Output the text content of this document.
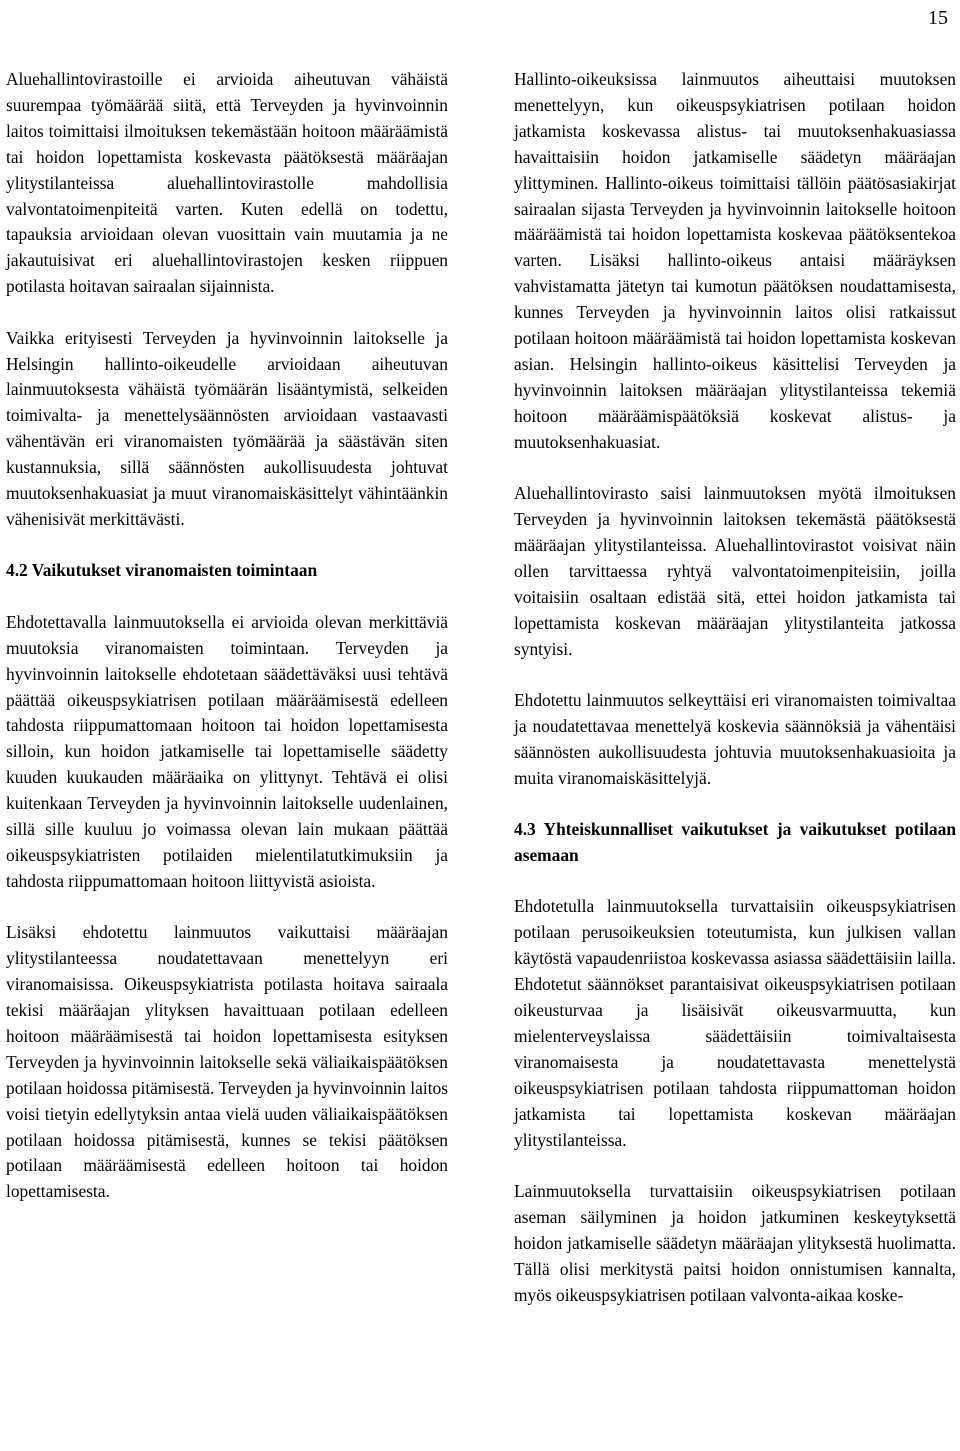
15

Aluehallintovirastoille ei arvioida aiheutuvan vähäistä suurempaa työmäärää siitä, että Terveyden ja hyvinvoinnin laitos toimittaisi ilmoituksen tekemästään hoitoon määräämistä tai hoidon lopettamista koskevasta päätöksestä määräajan ylitystilanteissa aluehallintovirastolle mahdollisia valvontatoimenpiteitä varten. Kuten edellä on todettu, tapauksia arvioidaan olevan vuosittain vain muutamia ja ne jakautuisivat eri aluehallintovirastojen kesken riippuen potilasta hoitavan sairaalan sijainnista.

Vaikka erityisesti Terveyden ja hyvinvoinnin laitokselle ja Helsingin hallinto-oikeudelle arvioidaan aiheutuvan lainmuutoksesta vähäistä työmäärän lisääntymistä, selkeiden toimivalta- ja menettelysäännösten arvioidaan vastaavasti vähentävän eri viranomaisten työmäärää ja säästävän siten kustannuksia, sillä säännösten aukollisuudesta johtuvat muutoksenhakuasiat ja muut viranomaiskäsittelyt vähintäänkin vähenisivät merkittävästi.

4.2 Vaikutukset viranomaisten toimintaan

Ehdotettavalla lainmuutoksella ei arvioida olevan merkittäviä muutoksia viranomaisten toimintaan. Terveyden ja hyvinvoinnin laitokselle ehdotetaan säädettäväksi uusi tehtävä päättää oikeuspsykiatrisen potilaan määräämisestä edelleen tahdosta riippumattomaan hoitoon tai hoidon lopettamisesta silloin, kun hoidon jatkamiselle tai lopettamiselle säädetty kuuden kuukauden määräaika on ylittynyt. Tehtävä ei olisi kuitenkaan Terveyden ja hyvinvoinnin laitokselle uudenlainen, sillä sille kuuluu jo voimassa olevan lain mukaan päättää oikeuspsykiatristen potilaiden mielentilatutkimuksiin ja tahdosta riippumattomaan hoitoon liittyvistä asioista.

Lisäksi ehdotettu lainmuutos vaikuttaisi määräajan ylitystilanteessa noudatettavaan menettelyyn eri viranomaisissa. Oikeuspsykiatrista potilasta hoitava sairaala tekisi määräajan ylityksen havaittuaan potilaan edelleen hoitoon määräämisestä tai hoidon lopettamisesta esityksen Terveyden ja hyvinvoinnin laitokselle sekä väliaikaispäätöksen potilaan hoidossa pitämisestä. Terveyden ja hyvinvoinnin laitos voisi tietyin edellytyksin antaa vielä uuden väliaikaispäätöksen potilaan hoidossa pitämisestä, kunnes se tekisi päätöksen potilaan määräämisestä edelleen hoitoon tai hoidon lopettamisesta.

Hallinto-oikeuksissa lainmuutos aiheuttaisi muutoksen menettelyyn, kun oikeuspsykiatrisen potilaan hoidon jatkamista koskevassa alistus- tai muutoksenhakuasiassa havaittaisiin hoidon jatkamiselle säädetyn määräajan ylittyminen. Hallinto-oikeus toimittaisi tällöin päätösasiakirjat sairaalan sijasta Terveyden ja hyvinvoinnin laitokselle hoitoon määräämistä tai hoidon lopettamista koskevaa päätöksentekoa varten. Lisäksi hallinto-oikeus antaisi määräyksen vahvistamatta jätetyn tai kumotun päätöksen noudattamisesta, kunnes Terveyden ja hyvinvoinnin laitos olisi ratkaissut potilaan hoitoon määräämistä tai hoidon lopettamista koskevan asian. Helsingin hallinto-oikeus käsittelisi Terveyden ja hyvinvoinnin laitoksen määräajan ylitystilanteissa tekemiä hoitoon määräämispäätöksiä koskevat alistus- ja muutoksenhakuasiat.

Aluehallintovirasto saisi lainmuutoksen myötä ilmoituksen Terveyden ja hyvinvoinnin laitoksen tekemästä päätöksestä määräajan ylitystilanteissa. Aluehallintovirastot voisivat näin ollen tarvittaessa ryhtyä valvontatoimenpiteisiin, joilla voitaisiin osaltaan edistää sitä, ettei hoidon jatkamista tai lopettamista koskevan määräajan ylitystilanteita jatkossa syntyisi.

Ehdotettu lainmuutos selkeyttäisi eri viranomaisten toimivaltaa ja noudatettavaa menettelyä koskevia säännöksiä ja vähentäisi säännösten aukollisuudesta johtuvia muutoksenhakuasioita ja muita viranomaiskäsittelyjä.

4.3 Yhteiskunnalliset vaikutukset ja vaikutukset potilaan asemaan

Ehdotetulla lainmuutoksella turvattaisiin oikeuspsykiatrisen potilaan perusoikeuksien toteutumista, kun julkisen vallan käytöstä vapaudenriistoa koskevassa asiassa säädettäisiin lailla. Ehdotetut säännökset parantaisivat oikeuspsykiatrisen potilaan oikeusturvaa ja lisäisivät oikeusvarmuutta, kun mielenterveyslaissa säädettäisiin toimivaltaisesta viranomaisesta ja noudatettavasta menettelystä oikeuspsykiatrisen potilaan tahdosta riippumattoman hoidon jatkamista tai lopettamista koskevan määräajan ylitystilanteissa.

Lainmuutoksella turvattaisiin oikeuspsykiatrisen potilaan aseman säilyminen ja hoidon jatkuminen keskeytyksettä hoidon jatkamiselle säädetyn määräajan ylityksestä huolimatta. Tällä olisi merkitystä paitsi hoidon onnistumisen kannalta, myös oikeuspsykiatrisen potilaan valvonta-aikaa koske-
